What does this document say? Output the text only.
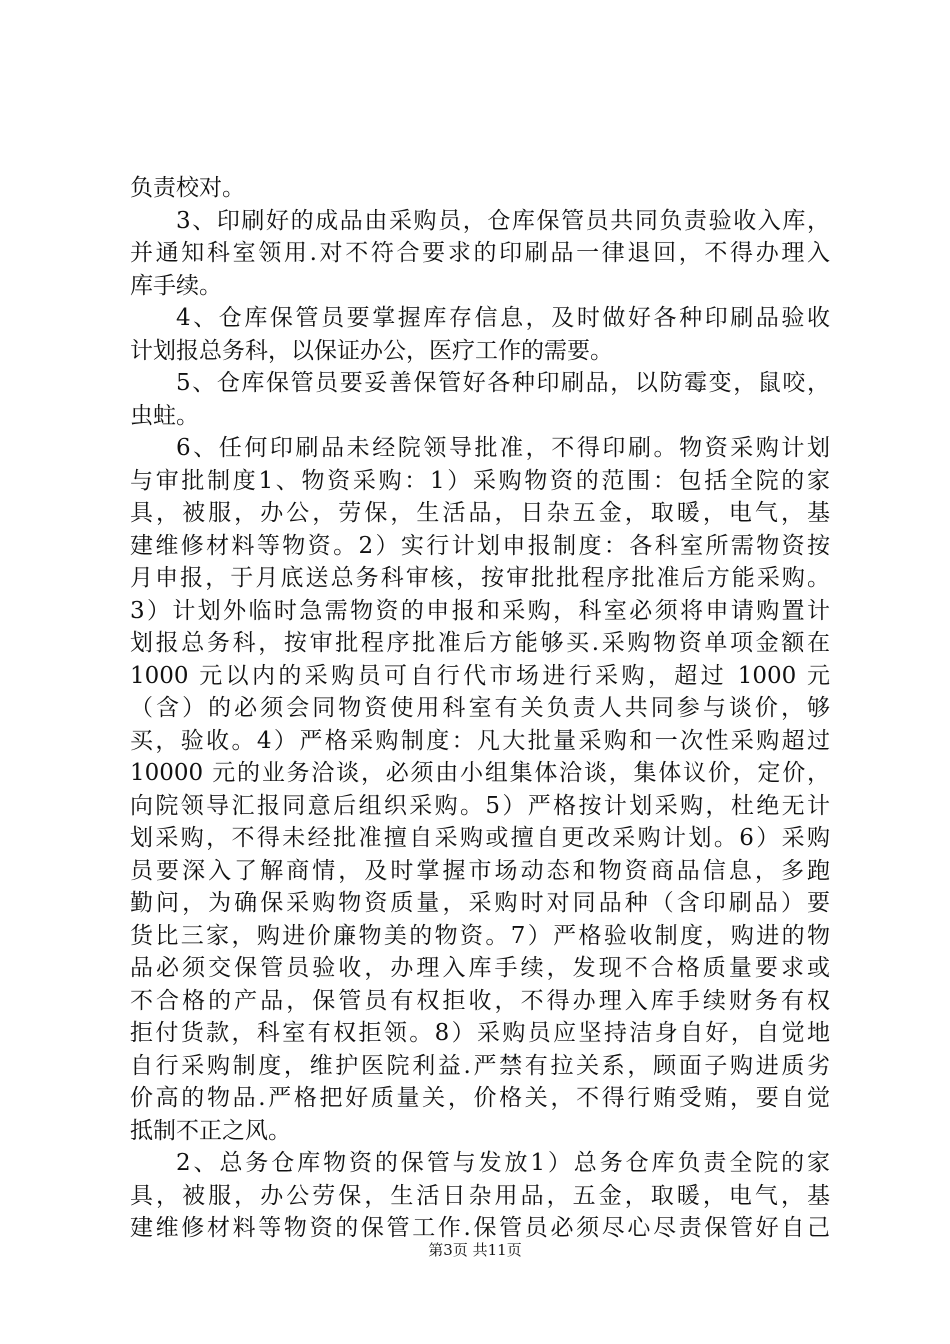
负责校对。
3、印刷好的成品由采购员，仓库保管员共同负责验收入库，
并通知科室领用.对不符合要求的印刷品一律退回，不得办理入
库手续。
4、仓库保管员要掌握库存信息，及时做好各种印刷品验收
计划报总务科，以保证办公，医疗工作的需要。
5、仓库保管员要妥善保管好各种印刷品，以防霉变，鼠咬，
虫蛀。
6、任何印刷品未经院领导批准，不得印刷。物资采购计划
与审批制度1、物资采购：1）采购物资的范围：包括全院的家
具，被服，办公，劳保，生活品，日杂五金，取暖，电气，基
建维修材料等物资。2）实行计划申报制度：各科室所需物资按
月申报，于月底送总务科审核，按审批批程序批准后方能采购。
3）计划外临时急需物资的申报和采购，科室必须将申请购置计
划报总务科，按审批程序批准后方能够买.采购物资单项金额在
1000 元以内的采购员可自行代市场进行采购，超过 1000 元
（含）的必须会同物资使用科室有关负责人共同参与谈价，够
买，验收。4）严格采购制度：凡大批量采购和一次性采购超过
10000 元的业务洽谈，必须由小组集体洽谈，集体议价，定价，
向院领导汇报同意后组织采购。5）严格按计划采购，杜绝无计
划采购，不得未经批准擅自采购或擅自更改采购计划。6）采购
员要深入了解商情，及时掌握市场动态和物资商品信息，多跑
勤问，为确保采购物资质量，采购时对同品种（含印刷品）要
货比三家，购进价廉物美的物资。7）严格验收制度，购进的物
品必须交保管员验收，办理入库手续，发现不合格质量要求或
不合格的产品，保管员有权拒收，不得办理入库手续财务有权
拒付货款，科室有权拒领。8）采购员应坚持洁身自好，自觉地
自行采购制度，维护医院利益.严禁有拉关系，顾面子购进质劣
价高的物品.严格把好质量关，价格关，不得行贿受贿，要自觉
抵制不正之风。
2、总务仓库物资的保管与发放1）总务仓库负责全院的家
具，被服，办公劳保，生活日杂用品，五金，取暖，电气，基
建维修材料等物资的保管工作.保管员必须尽心尽责保管好自己
第3页 共11页
